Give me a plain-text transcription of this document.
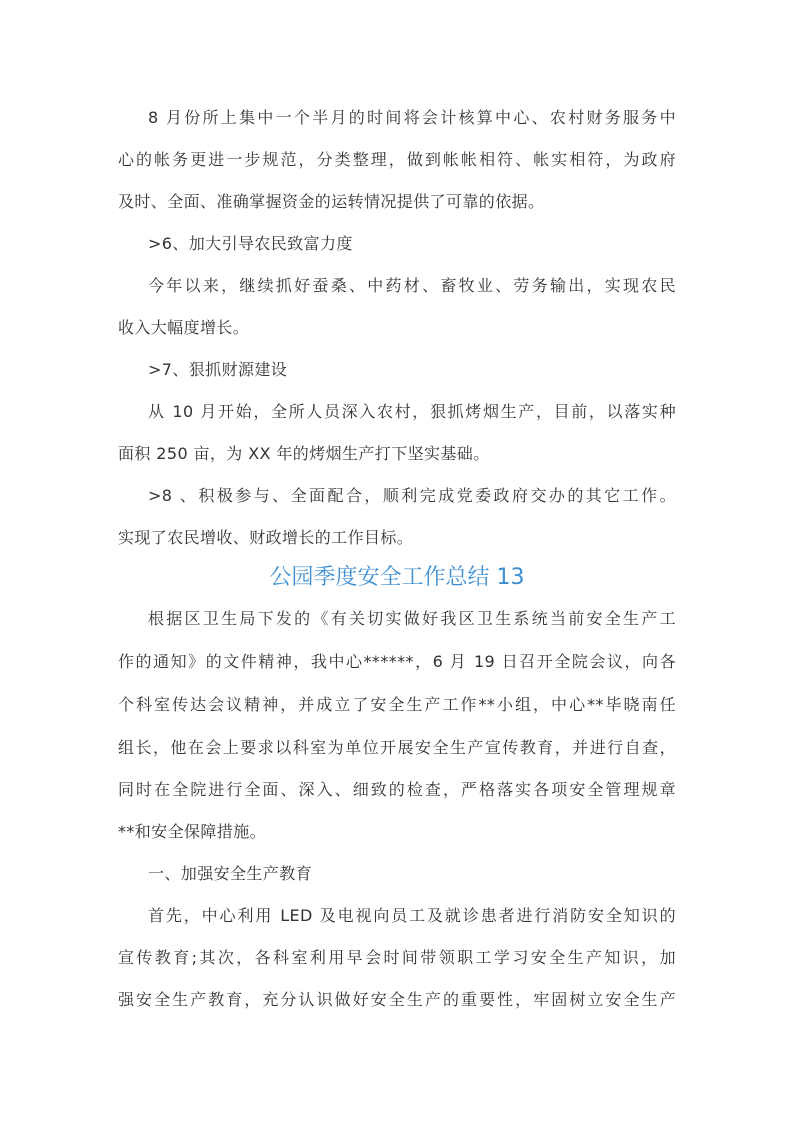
8 月份所上集中一个半月的时间将会计核算中心、农村财务服务中
心的帐务更进一步规范，分类整理，做到帐帐相符、帐实相符，为政府
及时、全面、准确掌握资金的运转情况提供了可靠的依据。
>6、加大引导农民致富力度
今年以来，继续抓好蚕桑、中药材、畜牧业、劳务输出，实现农民
收入大幅度增长。
>7、狠抓财源建设
从 10 月开始，全所人员深入农村，狠抓烤烟生产，目前，以落实种
面积 250 亩，为 XX 年的烤烟生产打下坚实基础。
>8 、积极参与、全面配合，顺利完成党委政府交办的其它工作。
实现了农民增收、财政增长的工作目标。
公园季度安全工作总结 13
根据区卫生局下发的《有关切实做好我区卫生系统当前安全生产工
作的通知》的文件精神，我中心******，6 月 19 日召开全院会议，向各
个科室传达会议精神，并成立了安全生产工作**小组，中心**毕晓南任
组长，他在会上要求以科室为单位开展安全生产宣传教育，并进行自查，
同时在全院进行全面、深入、细致的检查，严格落实各项安全管理规章
**和安全保障措施。
一、加强安全生产教育
首先，中心利用 LED 及电视向员工及就诊患者进行消防安全知识的
宣传教育;其次，各科室利用早会时间带领职工学习安全生产知识，加
强安全生产教育，充分认识做好安全生产的重要性，牢固树立安全生产
